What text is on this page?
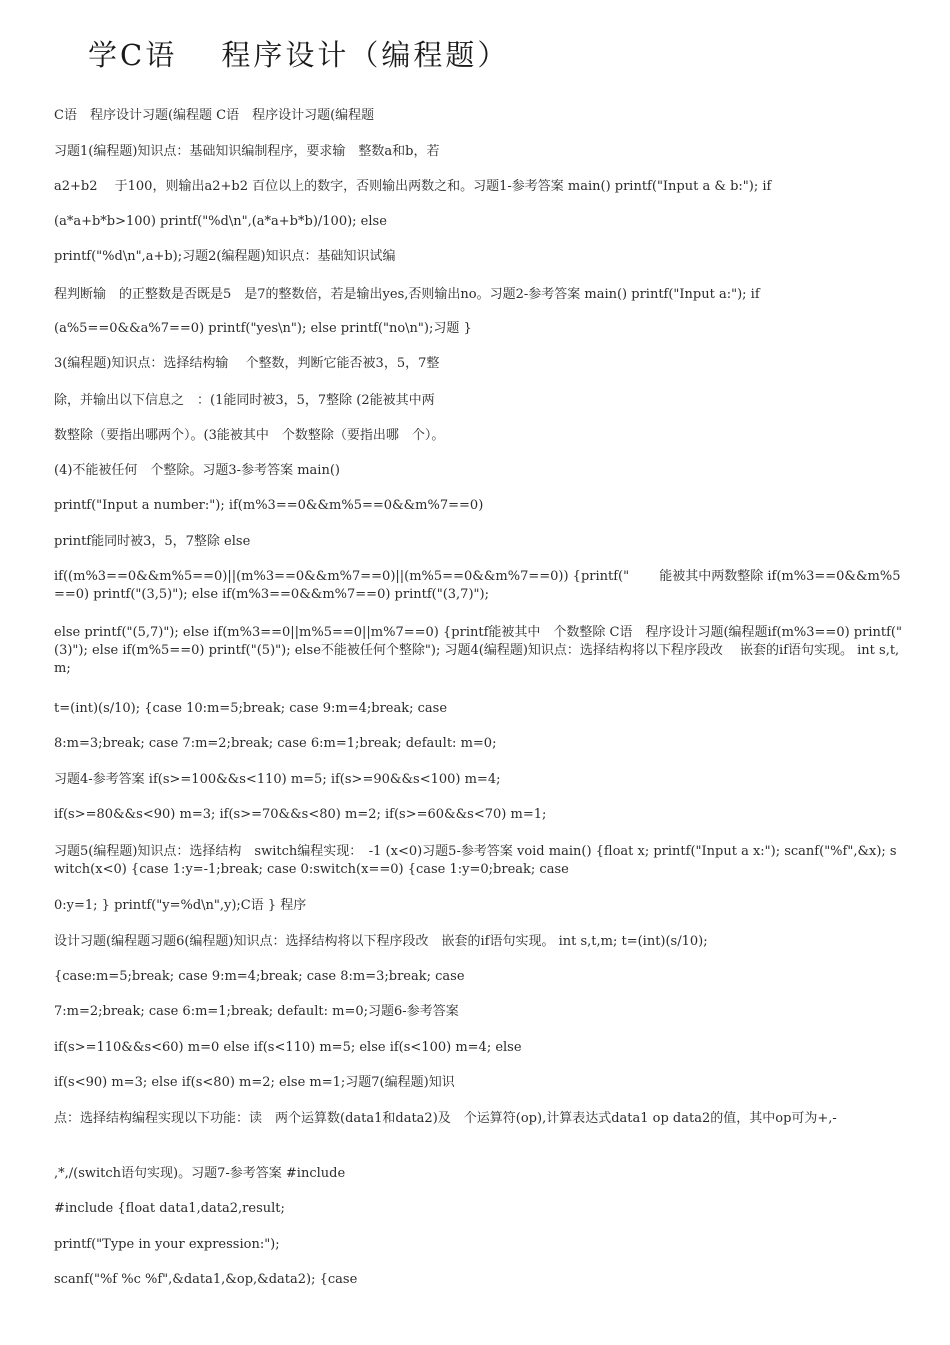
学C语　 程序设计（编程题）
C语　程序设计习题(编程题 C语　程序设计习题(编程题
习题1(编程题)知识点：基础知识编制程序，要求输　整数a和b，若
a2+b2　 于100，则输出a2+b2 百位以上的数字，否则输出两数之和。习题1-参考答案 main() printf("Input a & b:"); if
(a*a+b*b>100) printf("%d\n",(a*a+b*b)/100); else
printf("%d\n",a+b);习题2(编程题)知识点：基础知识试编
程判断输　的正整数是否既是5　是7的整数倍，若是输出yes,否则输出no。习题2-参考答案 main() printf("Input a:"); if
(a%5==0&&a%7==0) printf("yes\n"); else printf("no\n");习题 }
3(编程题)知识点：选择结构输　 个整数，判断它能否被3，5，7整
除，并输出以下信息之　：(1能同时被3，5，7整除 (2能被其中两
数整除（要指出哪两个）。(3能被其中　个数整除（要指出哪　个）。
(4)不能被任何　个整除。习题3-参考答案 main()
printf("Input a number:"); if(m%3==0&&m%5==0&&m%7==0)
printf能同时被3，5，7整除 else
if((m%3==0&&m%5==0)||(m%3==0&&m%7==0)||(m%5==0&&m%7==0)) {printf("　　 能被其中两数整除 if(m%3==0&&m%5==0) printf("(3,5)"); else if(m%3==0&&m%7==0) printf("(3,7)");
else printf("(5,7)"); else if(m%3==0||m%5==0||m%7==0) {printf能被其中　个数整除 C语　程序设计习题(编程题if(m%3==0) printf("(3)"); else if(m%5==0) printf("(5)"); else不能被任何个整除"); 习题4(编程题)知识点：选择结构将以下程序段改　 嵌套的if语句实现。 int s,t,m;
t=(int)(s/10); {case 10:m=5;break; case 9:m=4;break; case
8:m=3;break; case 7:m=2;break; case 6:m=1;break; default: m=0;
习题4-参考答案 if(s>=100&&s<110) m=5; if(s>=90&&s<100) m=4;
if(s>=80&&s<90) m=3; if(s>=70&&s<80) m=2; if(s>=60&&s<70) m=1;
习题5(编程题)知识点：选择结构　switch编程实现：　-1 (x<0)习题5-参考答案 void main() {float x; printf("Input a x:"); scanf("%f",&x); switch(x<0) {case 1:y=-1;break; case 0:switch(x==0) {case 1:y=0;break; case
0:y=1; } printf("y=%d\n",y);C语 } 程序
设计习题(编程题习题6(编程题)知识点：选择结构将以下程序段改　嵌套的if语句实现。 int s,t,m; t=(int)(s/10);
{case:m=5;break; case 9:m=4;break; case 8:m=3;break; case
7:m=2;break; case 6:m=1;break; default: m=0;习题6-参考答案
if(s>=110&&s<60) m=0 else if(s<110) m=5; else if(s<100) m=4; else
if(s<90) m=3; else if(s<80) m=2; else m=1;习题7(编程题)知识
点：选择结构编程实现以下功能：读　两个运算数(data1和data2)及　个运算符(op),计算表达式data1 op data2的值，其中op可为+,-
,*,/(switch语句实现)。习题7-参考答案 #include
#include {float data1,data2,result;
printf("Type in your expression:");
scanf("%f %c %f",&data1,&op,&data2); {case
